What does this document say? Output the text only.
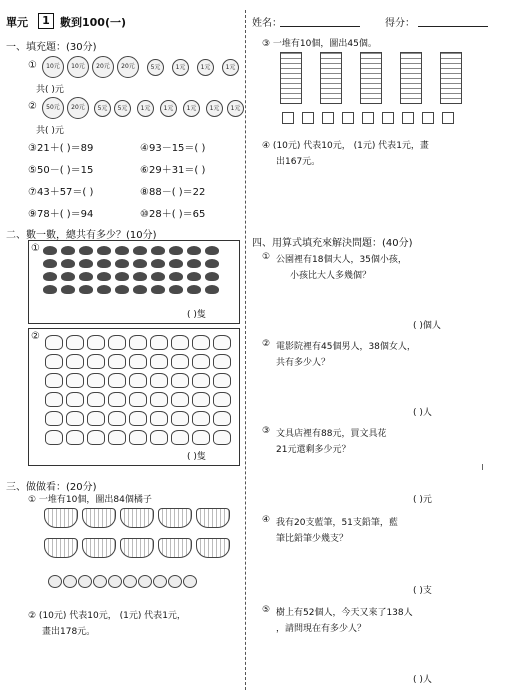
單元	1 數到100(一)
一、填充題：(30分)
①	10元	10元	20元	20元	5元	1元	1元	1元
共( )元
②	50元	20元	5元	5元	1元	1元	1元	1元	1元
共( )元
③21＋( )＝89	④93－15＝( )
⑤50－( )＝15	⑥29＋31＝( )
⑦43＋57＝( )	⑧88－( )＝22
⑨78＋( )＝94	⑩28＋( )＝65
二、數一數，總共有多少？(10分)
①
( )隻
②
( )隻
三、做做看：(20分)
① 一堆有10個，圖出84個橘子
② (10元) 代表10元， (1元) 代表1元，
畫出178元。
姓名：	得分：
③ 一堆有10個，圖出45個。
④ (10元) 代表10元， (1元) 代表1元，畫
出167元。
四、用算式填充來解決問題：(40分)
① 公園裡有18個大人，35個小孩，
小孩比大人多幾個？
( )個人
② 電影院裡有45個男人，38個女人，
共有多少人？
( )人
③ 文具店裡有88元，買文具花
21元還剩多少元？
( )元
④ 我有20支藍筆，51支鉛筆，藍
筆比鉛筆少幾支？
( )支
⑤ 樹上有52個人，今天又來了138人
，請問現在有多少人？
( )人
